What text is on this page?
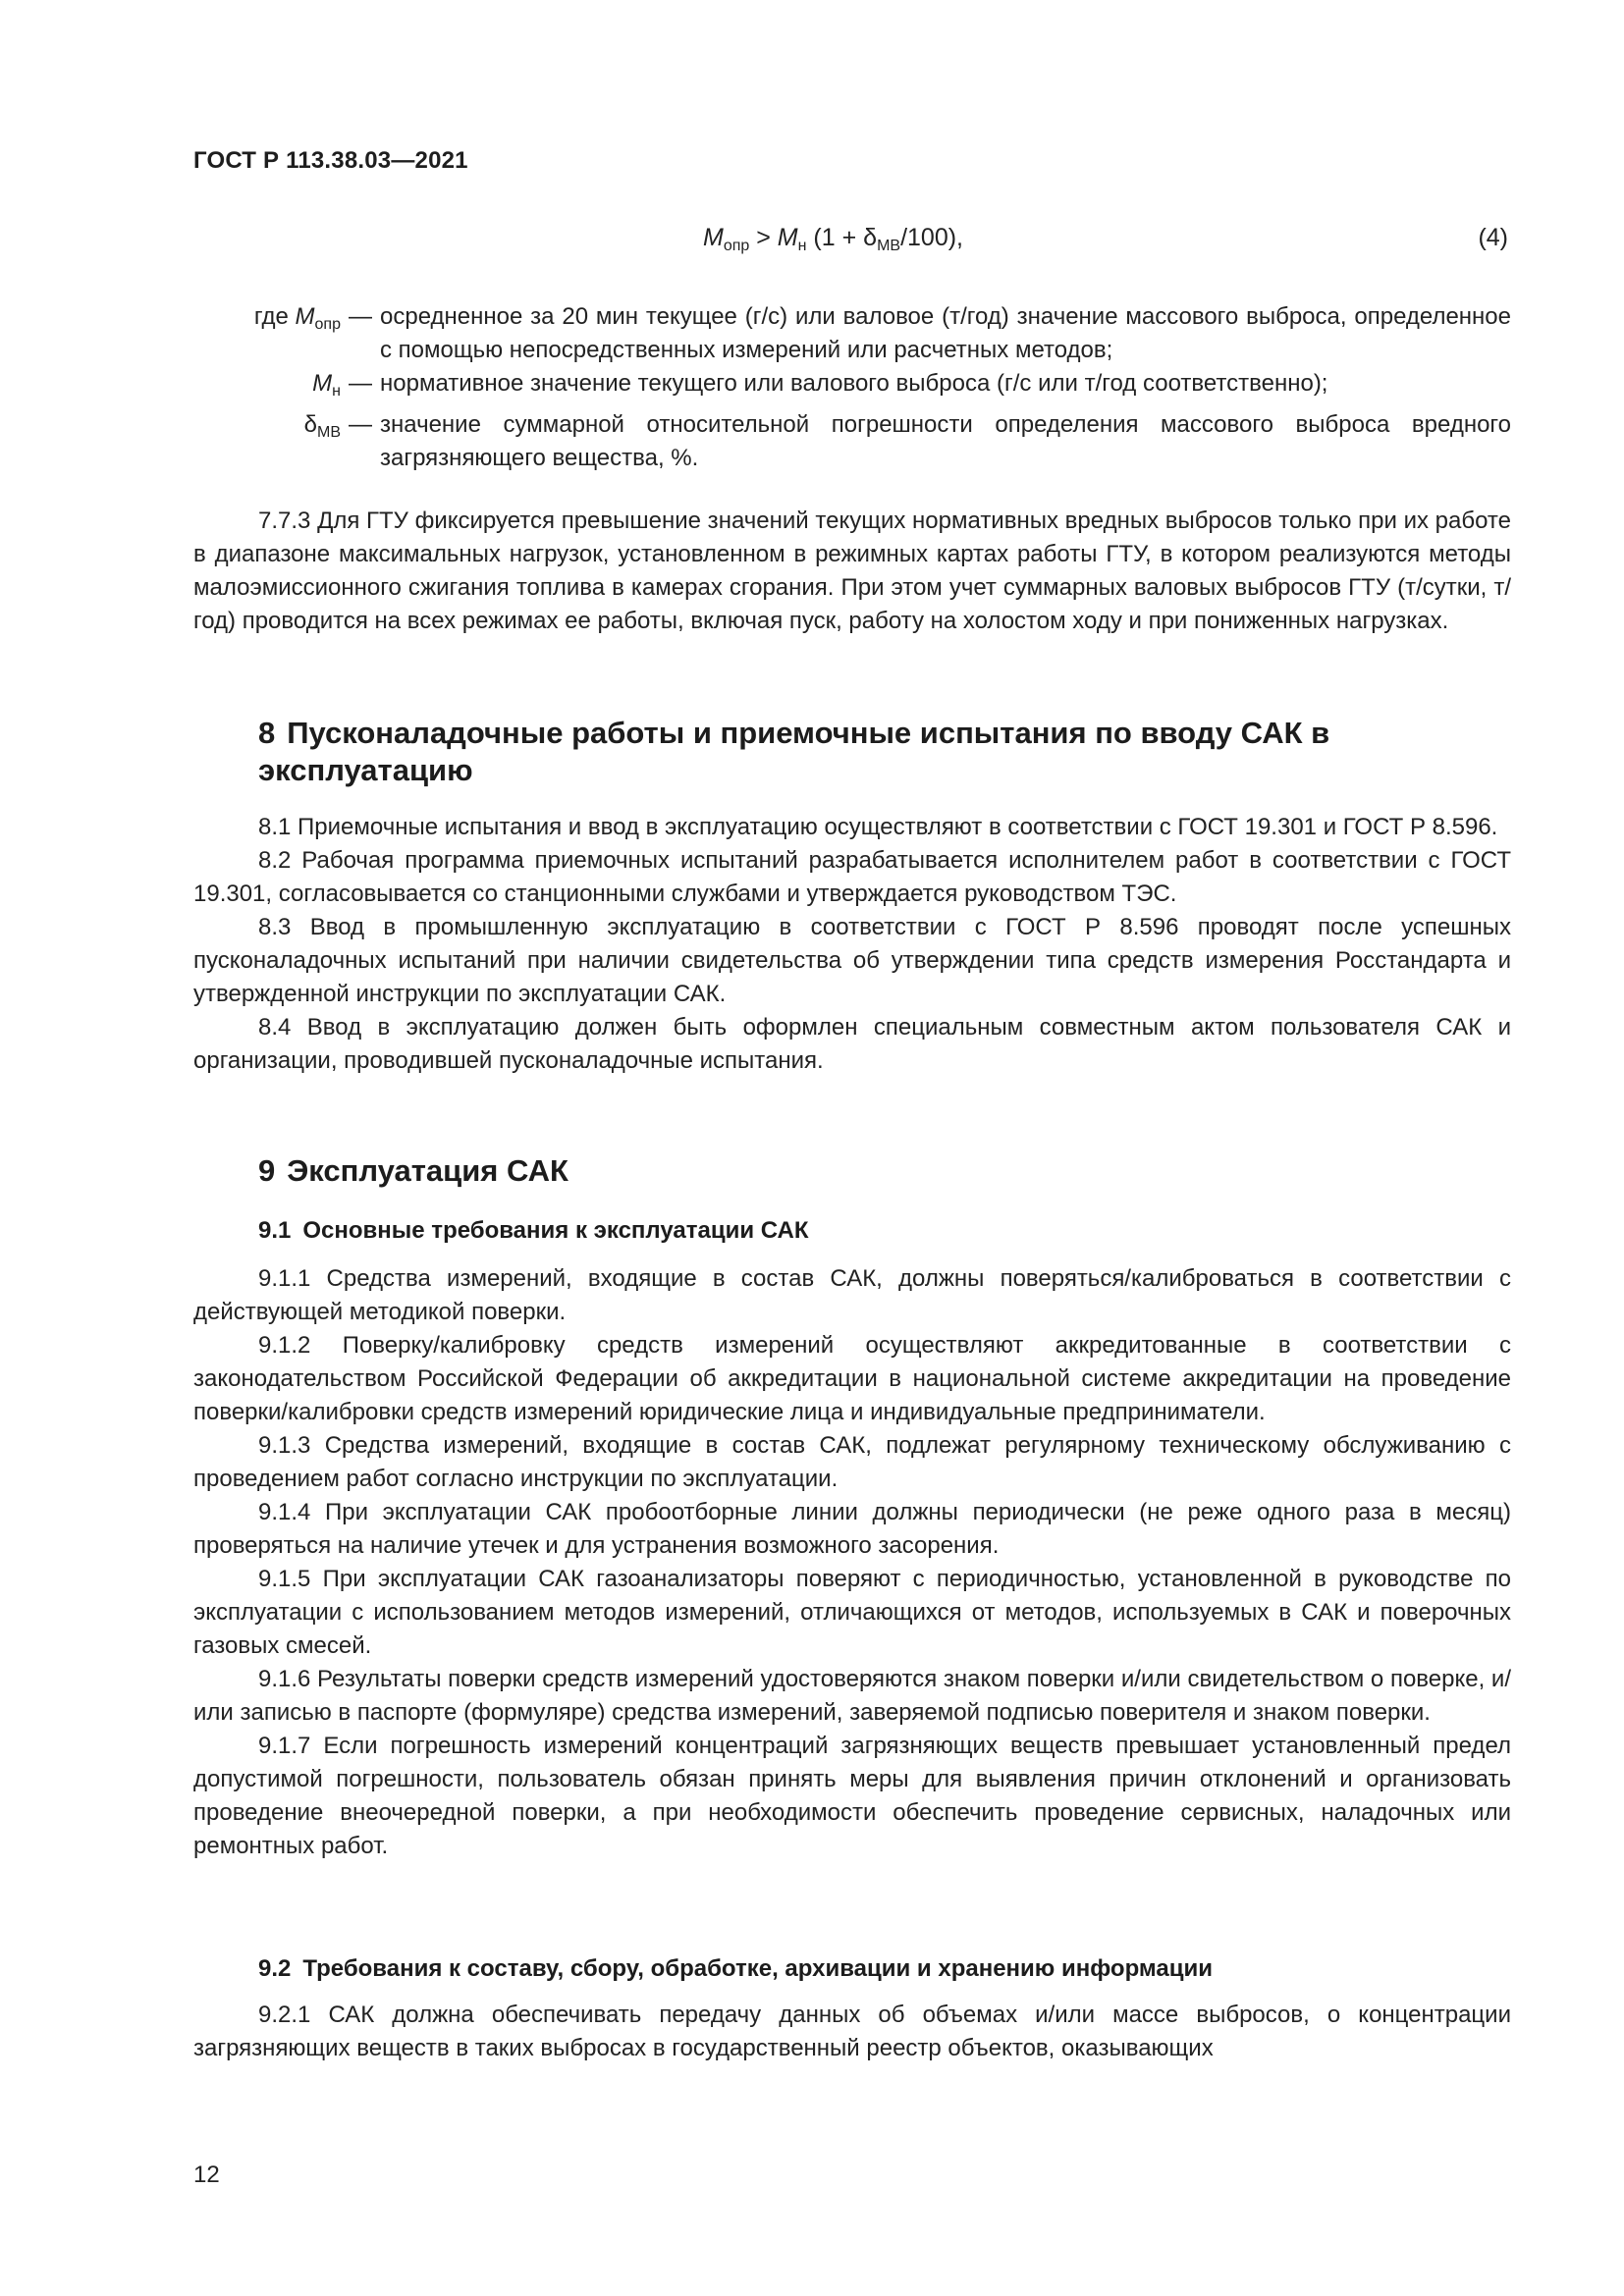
ГОСТ Р 113.38.03—2021
$M_{опр} > M_н$ $(1 + \delta_{МВ}/100)$,	(4)
где $M_{опр}$ — осредненное за 20 мин текущее (г/с) или валовое (т/год) значение массового выброса, определенное с помощью непосредственных измерений или расчетных методов;
$M_н$ — нормативное значение текущего или валового выброса (г/с или т/год соответственно);
$\delta_{МВ}$ — значение суммарной относительной погрешности определения массового выброса вредного загрязняющего вещества, %.

7.7.3 Для ГТУ фиксируется превышение значений текущих нормативных вредных выбросов только при их работе в диапазоне максимальных нагрузок, установленном в режимных картах работы ГТУ, в котором реализуются методы малоэмиссионного сжигания топлива в камерах сгорания. При этом учет суммарных валовых выбросов ГТУ (т/сутки, т/год) проводится на всех режимах ее работы, включая пуск, работу на холостом ходу и при пониженных нагрузках.

8 Пусконаладочные работы и приемочные испытания по вводу САК в эксплуатацию

8.1 Приемочные испытания и ввод в эксплуатацию осуществляют в соответствии с ГОСТ 19.301 и ГОСТ Р 8.596.

8.2 Рабочая программа приемочных испытаний разрабатывается исполнителем работ в соответствии с ГОСТ 19.301, согласовывается со станционными службами и утверждается руководством ТЭС.

8.3 Ввод в промышленную эксплуатацию в соответствии с ГОСТ Р 8.596 проводят после успешных пусконаладочных испытаний при наличии свидетельства об утверждении типа средств измерения Росстандарта и утвержденной инструкции по эксплуатации САК.

8.4 Ввод в эксплуатацию должен быть оформлен специальным совместным актом пользователя САК и организации, проводившей пусконаладочные испытания.

9 Эксплуатация САК
9.1 Основные требования к эксплуатации САК

9.1.1 Средства измерений, входящие в состав САК, должны поверяться/калиброваться в соответствии с действующей методикой поверки.

9.1.2 Поверку/калибровку средств измерений осуществляют аккредитованные в соответствии с законодательством Российской Федерации об аккредитации в национальной системе аккредитации на проведение поверки/калибровки средств измерений юридические лица и индивидуальные предприниматели.

9.1.3 Средства измерений, входящие в состав САК, подлежат регулярному техническому обслуживанию с проведением работ согласно инструкции по эксплуатации.

9.1.4 При эксплуатации САК пробоотборные линии должны периодически (не реже одного раза в месяц) проверяться на наличие утечек и для устранения возможного засорения.

9.1.5 При эксплуатации САК газоанализаторы поверяют с периодичностью, установленной в руководстве по эксплуатации с использованием методов измерений, отличающихся от методов, используемых в САК и поверочных газовых смесей.

9.1.6 Результаты поверки средств измерений удостоверяются знаком поверки и/или свидетельством о поверке, и/или записью в паспорте (формуляре) средства измерений, заверяемой подписью поверителя и знаком поверки.

9.1.7 Если погрешность измерений концентраций загрязняющих веществ превышает установленный предел допустимой погрешности, пользователь обязан принять меры для выявления причин отклонений и организовать проведение внеочередной поверки, а при необходимости обеспечить проведение сервисных, наладочных или ремонтных работ.

9.2 Требования к составу, сбору, обработке, архивации и хранению информации

9.2.1 САК должна обеспечивать передачу данных об объемах и/или массе выбросов, о концентрации загрязняющих веществ в таких выбросах в государственный реестр объектов, оказывающих

12
